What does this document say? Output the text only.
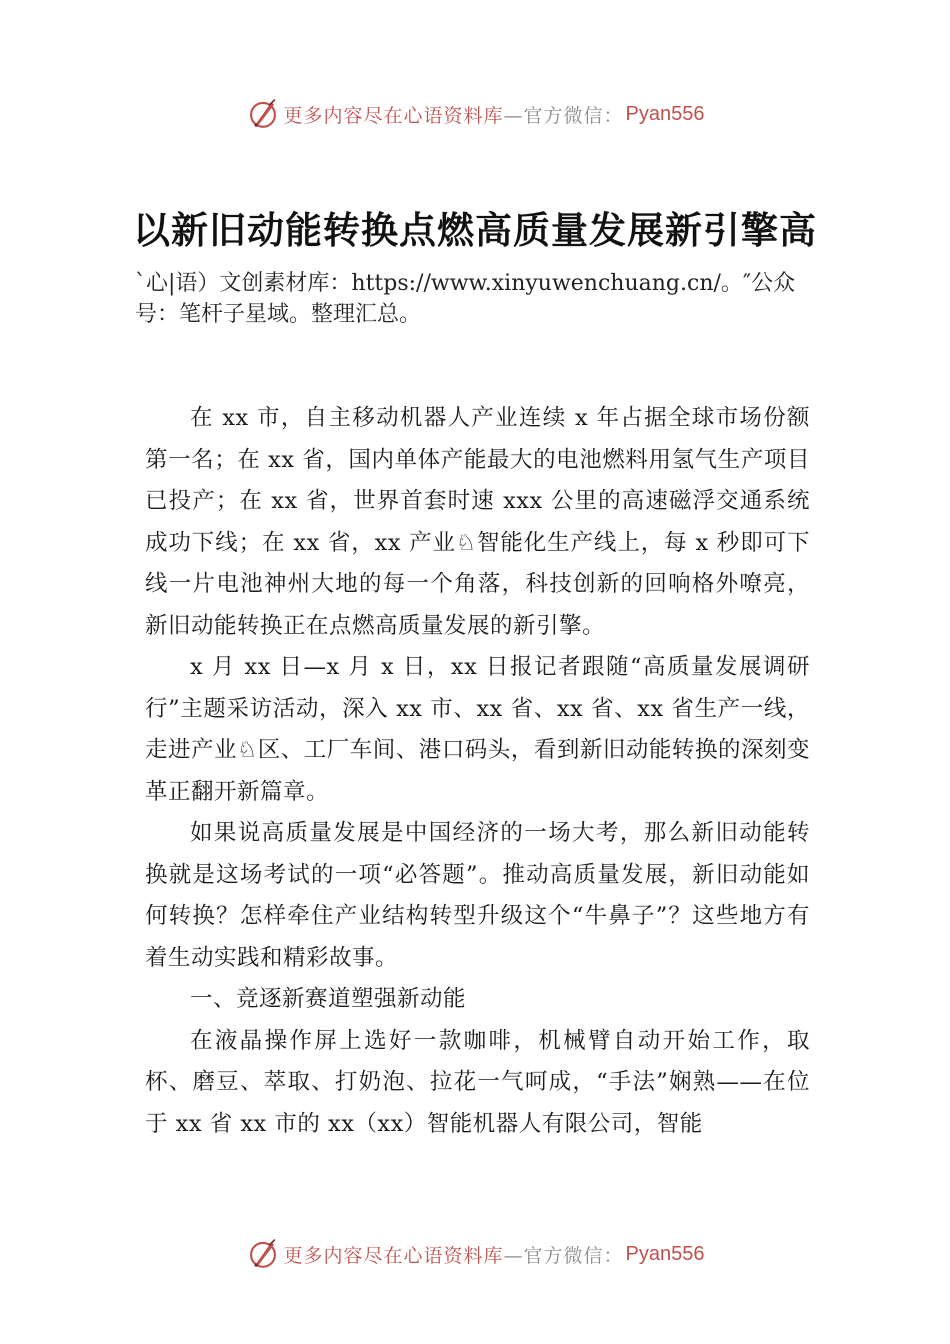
更多内容尽在心语资料库 —官方微信： Pyan556
以新旧动能转换点燃高质量发展新引擎高

`心|语）文创素材库：https://www.xinyuwenchuang.cn/。″公众号：笔杆子星域。整理汇总。

在 xx 市，自主移动机器人产业连续 x 年占据全球市场份额第一名；在 xx 省，国内单体产能最大的电池燃料用氢气生产项目已投产；在 xx 省，世界首套时速 xxx 公里的高速磁浮交通系统成功下线；在 xx 省，xx 产业♘智能化生产线上，每 x 秒即可下线一片电池神州大地的每一个角落，科技创新的回响格外嘹亮，新旧动能转换正在点燃高质量发展的新引擎。

x 月 xx 日—x 月 x 日，xx 日报记者跟随“高质量发展调研行”主题采访活动，深入 xx 市、xx 省、xx 省、xx 省生产一线，走进产业♘区、工厂车间、港口码头，看到新旧动能转换的深刻变革正翻开新篇章。

如果说高质量发展是中国经济的一场大考，那么新旧动能转换就是这场考试的一项“必答题”。推动高质量发展，新旧动能如何转换？怎样牵住产业结构转型升级这个“牛鼻子”？这些地方有着生动实践和精彩故事。

一、竞逐新赛道塑强新动能

在液晶操作屏上选好一款咖啡，机械臂自动开始工作，取杯、磨豆、萃取、打奶泡、拉花一气呵成，“手法”娴熟——在位于 xx 省 xx 市的 xx（xx）智能机器人有限公司，智能

更多内容尽在心语资料库 —官方微信： Pyan556
